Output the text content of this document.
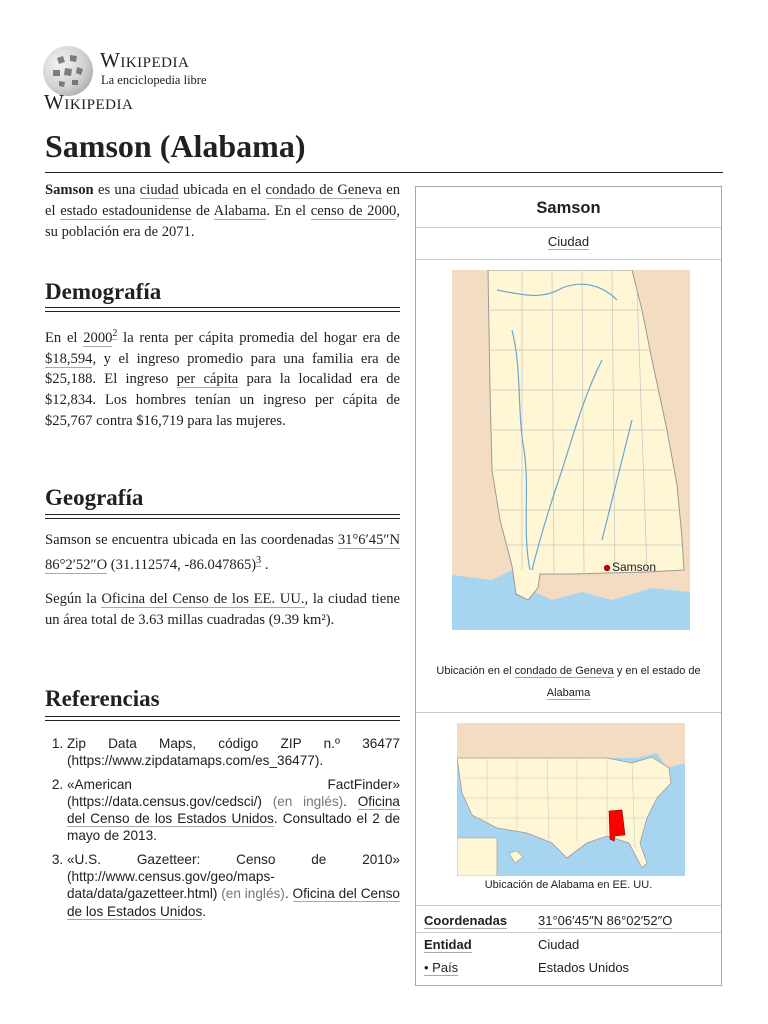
Wikipedia
La enciclopedia libre
Wikipedia
Samson (Alabama)

Samson es una ciudad ubicada en el condado de Geneva en el estado estadounidense de Alabama. En el censo de 2000, su población era de 2071.

Demografía

En el 2000$^2$ la renta per cápita promedia del hogar era de $18,594, y el ingreso promedio para una familia era de $25,188. El ingreso per cápita para la localidad era de $12,834. Los hombres tenían un ingreso per cápita de $25,767 contra $16,719 para las mujeres.

Geografía

Samson se encuentra ubicada en las coordenadas 31°6′45″N 86°2′52″O (31.112574, -86.047865)$^3$ .

Según la Oficina del Censo de los EE. UU., la ciudad tiene un área total de 3.63 millas cuadradas (9.39 km²).

Referencias
1. Zip Data Maps, código ZIP n.º 36477 (https://www.zipdatamaps.com/es_36477).
2. «American FactFinder» (https://data.census.gov/cedsci/) (en inglés). Oficina del Censo de los Estados Unidos. Consultado el 2 de mayo de 2013.
3. «U.S. Gazetteer: Censo de 2010» (http://www.census.gov/geo/maps-data/data/gazetteer.html) (en inglés). Oficina del Censo de los Estados Unidos.
Samson
Ciudad
Samson
Ubicación en el condado de Geneva y en el estado de Alabama
Ubicación de Alabama en EE. UU.
Coordenadas 31°06′45″N 86°02′52″O
Entidad	Ciudad
• País	Estados Unidos
